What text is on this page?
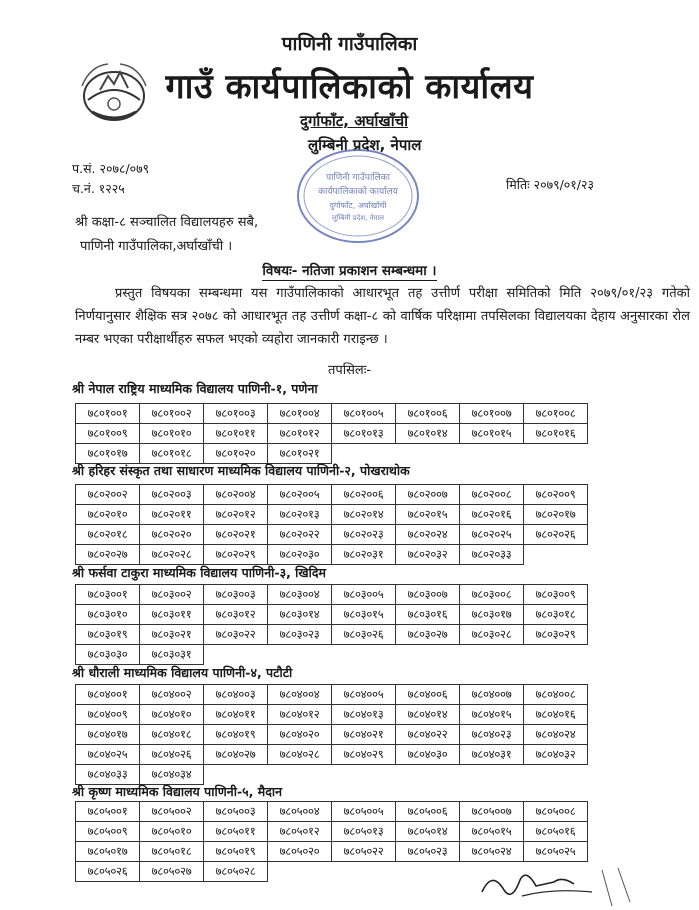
पाणिनी गाउँपालिका
गाउँ कार्यपालिकाको कार्यालय
दुर्गाफाँट, अर्घाखाँची
लुम्बिनी प्रदेश, नेपाल
पाणिनी गाउँपालिका
कार्यपालिकाको कार्यालय
दुर्गाफाँट, अर्घाखाँची
लुम्बिनी प्रदेश, नेपाल
प.सं. २०७८/०७९
च.नं. १२२५	मितिः २०७९/०१/२३
श्री कक्षा-८ सञ्चालित विद्यालयहरु सबै,
पाणिनी गाउँपालिका,अर्घाखाँची ।
विषयः- नतिजा प्रकाशन सम्बन्धमा ।

प्रस्तुत विषयका सम्बन्धमा यस गाउँपालिकाको आधारभूत तह उत्तीर्ण परीक्षा समितिको मिति २०७९/०१/२३ गतेको निर्णयानुसार शैक्षिक सत्र २०७८ को आधारभूत तह उत्तीर्ण कक्षा-८ को वार्षिक परिक्षामा तपसिलका विद्यालयका देहाय अनुसारका रोल नम्बर भएका परीक्षार्थीहरु सफल भएको व्यहोरा जानकारी गराइन्छ ।

तपसिलः-
श्री नेपाल राष्ट्रिय माध्यमिक विद्यालय पाणिनी-१, पणेना
७८०१००१	७८०१००२	७८०१००३	७८०१००४	७८०१००५	७८०१००६	७८०१००७	७८०१००८
७८०१००९	७८०१०१०	७८०१०११	७८०१०१२	७८०१०१३	७८०१०१४	७८०१०१५	७८०१०१६
७८०१०१७	७८०१०१८	७८०१०२०	७८०१०२१				
श्री हरिहर संस्कृत तथा साधारण माध्यमिक विद्यालय पाणिनी-२, पोखराथोक
७८०२००२	७८०२००३	७८०२००४	७८०२००५	७८०२००६	७८०२००७	७८०२००८	७८०२००९
७८०२०१०	७८०२०११	७८०२०१२	७८०२०१३	७८०२०१४	७८०२०१५	७८०२०१६	७८०२०१७
७८०२०१८	७८०२०२०	७८०२०२१	७८०२०२२	७८०२०२३	७८०२०२४	७८०२०२५	७८०२०२६
७८०२०२७	७८०२०२८	७८०२०२९	७८०२०३०	७८०२०३१	७८०२०३२	७८०२०३३	
श्री फर्सवा टाकुरा माध्यमिक विद्यालय पाणिनी-३, खिदिम
७८०३००१	७८०३००२	७८०३००३	७८०३००४	७८०३००५	७८०३००७	७८०३००८	७८०३००९
७८०३०१०	७८०३०११	७८०३०१२	७८०३०१४	७८०३०१५	७८०३०१६	७८०३०१७	७८०३०१८
७८०३०१९	७८०३०२१	७८०३०२२	७८०३०२३	७८०३०२६	७८०३०२७	७८०३०२८	७८०३०२९
७८०३०३०	७८०३०३१						
श्री धौराली माध्यमिक विद्यालय पाणिनी-४, पटौटी
७८०४००१	७८०४००२	७८०४००३	७८०४००४	७८०४००५	७८०४००६	७८०४००७	७८०४००८
७८०४००९	७८०४०१०	७८०४०११	७८०४०१२	७८०४०१३	७८०४०१४	७८०४०१५	७८०४०१६
७८०४०१७	७८०४०१८	७८०४०१९	७८०४०२०	७८०४०२१	७८०४०२२	७८०४०२३	७८०४०२४
७८०४०२५	७८०४०२६	७८०४०२७	७८०४०२८	७८०४०२९	७८०४०३०	७८०४०३१	७८०४०३२
७८०४०३३	७८०४०३४						
श्री कृष्ण माध्यमिक विद्यालय पाणिनी-५, मैदान
७८०५००१	७८०५००२	७८०५००३	७८०५००४	७८०५००५	७८०५००६	७८०५००७	७८०५००८
७८०५००९	७८०५०१०	७८०५०११	७८०५०१२	७८०५०१३	७८०५०१४	७८०५०१५	७८०५०१६
७८०५०१७	७८०५०१८	७८०५०१९	७८०५०२०	७८०५०२२	७८०५०२३	७८०५०२४	७८०५०२५
७८०५०२६	७८०५०२७	७८०५०२८					
